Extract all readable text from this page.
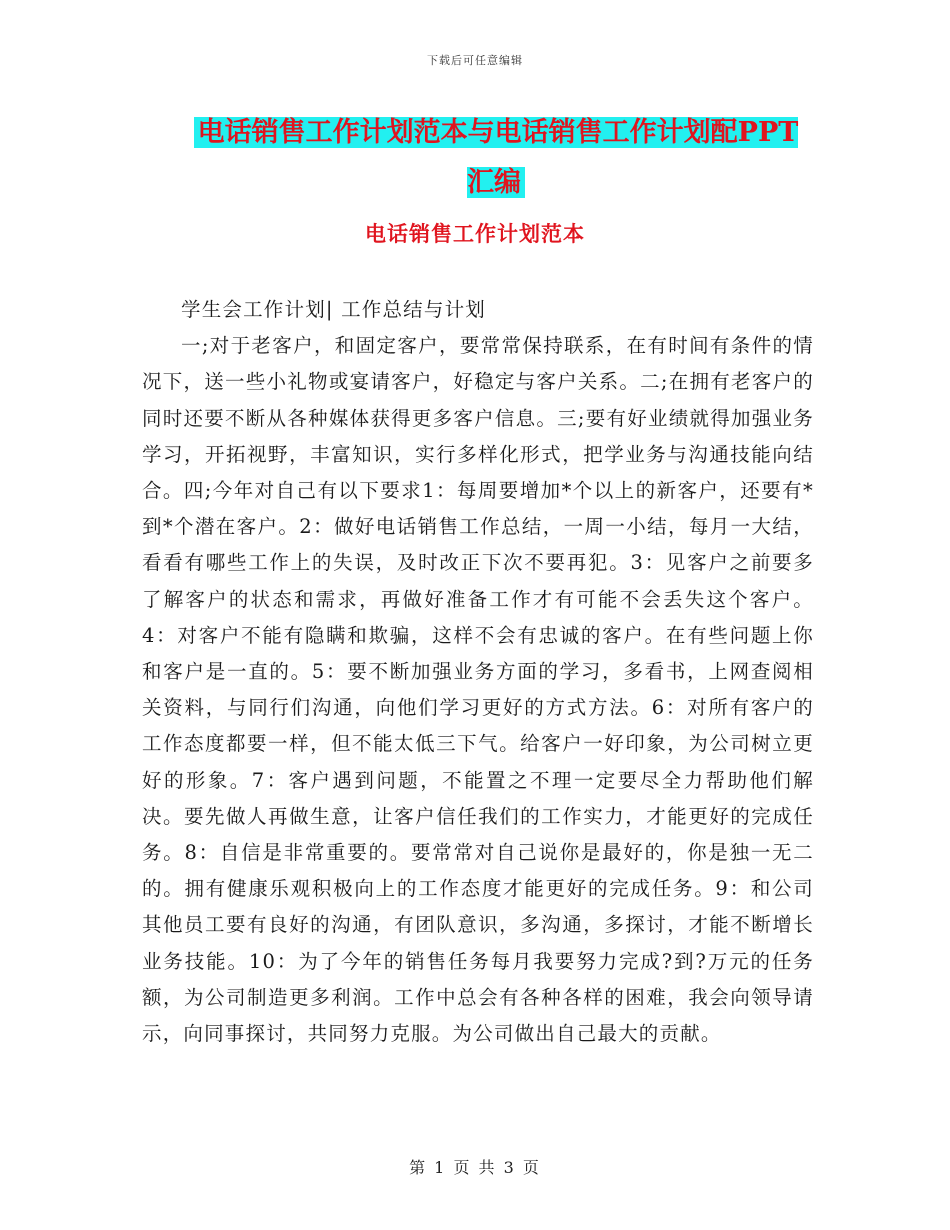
下载后可任意编辑
电话销售工作计划范本与电话销售工作计划配PPT汇编
电话销售工作计划范本

学生会工作计划| 工作总结与计划

一;对于老客户，和固定客户，要常常保持联系，在有时间有条件的情况下，送一些小礼物或宴请客户，好稳定与客户关系。二;在拥有老客户的同时还要不断从各种媒体获得更多客户信息。三;要有好业绩就得加强业务学习，开拓视野，丰富知识，实行多样化形式，把学业务与沟通技能向结合。四;今年对自己有以下要求1：每周要增加*个以上的新客户，还要有*到*个潜在客户。2：做好电话销售工作总结，一周一小结，每月一大结，看看有哪些工作上的失误，及时改正下次不要再犯。3：见客户之前要多了解客户的状态和需求，再做好准备工作才有可能不会丢失这个客户。4：对客户不能有隐瞒和欺骗，这样不会有忠诚的客户。在有些问题上你和客户是一直的。5：要不断加强业务方面的学习，多看书，上网查阅相关资料，与同行们沟通，向他们学习更好的方式方法。6：对所有客户的工作态度都要一样，但不能太低三下气。给客户一好印象，为公司树立更好的形象。7：客户遇到问题，不能置之不理一定要尽全力帮助他们解决。要先做人再做生意，让客户信任我们的工作实力，才能更好的完成任务。8：自信是非常重要的。要常常对自己说你是最好的，你是独一无二的。拥有健康乐观积极向上的工作态度才能更好的完成任务。9：和公司其他员工要有良好的沟通，有团队意识，多沟通，多探讨，才能不断增长业务技能。10：为了今年的销售任务每月我要努力完成?到?万元的任务额，为公司制造更多利润。工作中总会有各种各样的困难，我会向领导请示，向同事探讨，共同努力克服。为公司做出自己最大的贡献。

第 1 页 共 3 页
